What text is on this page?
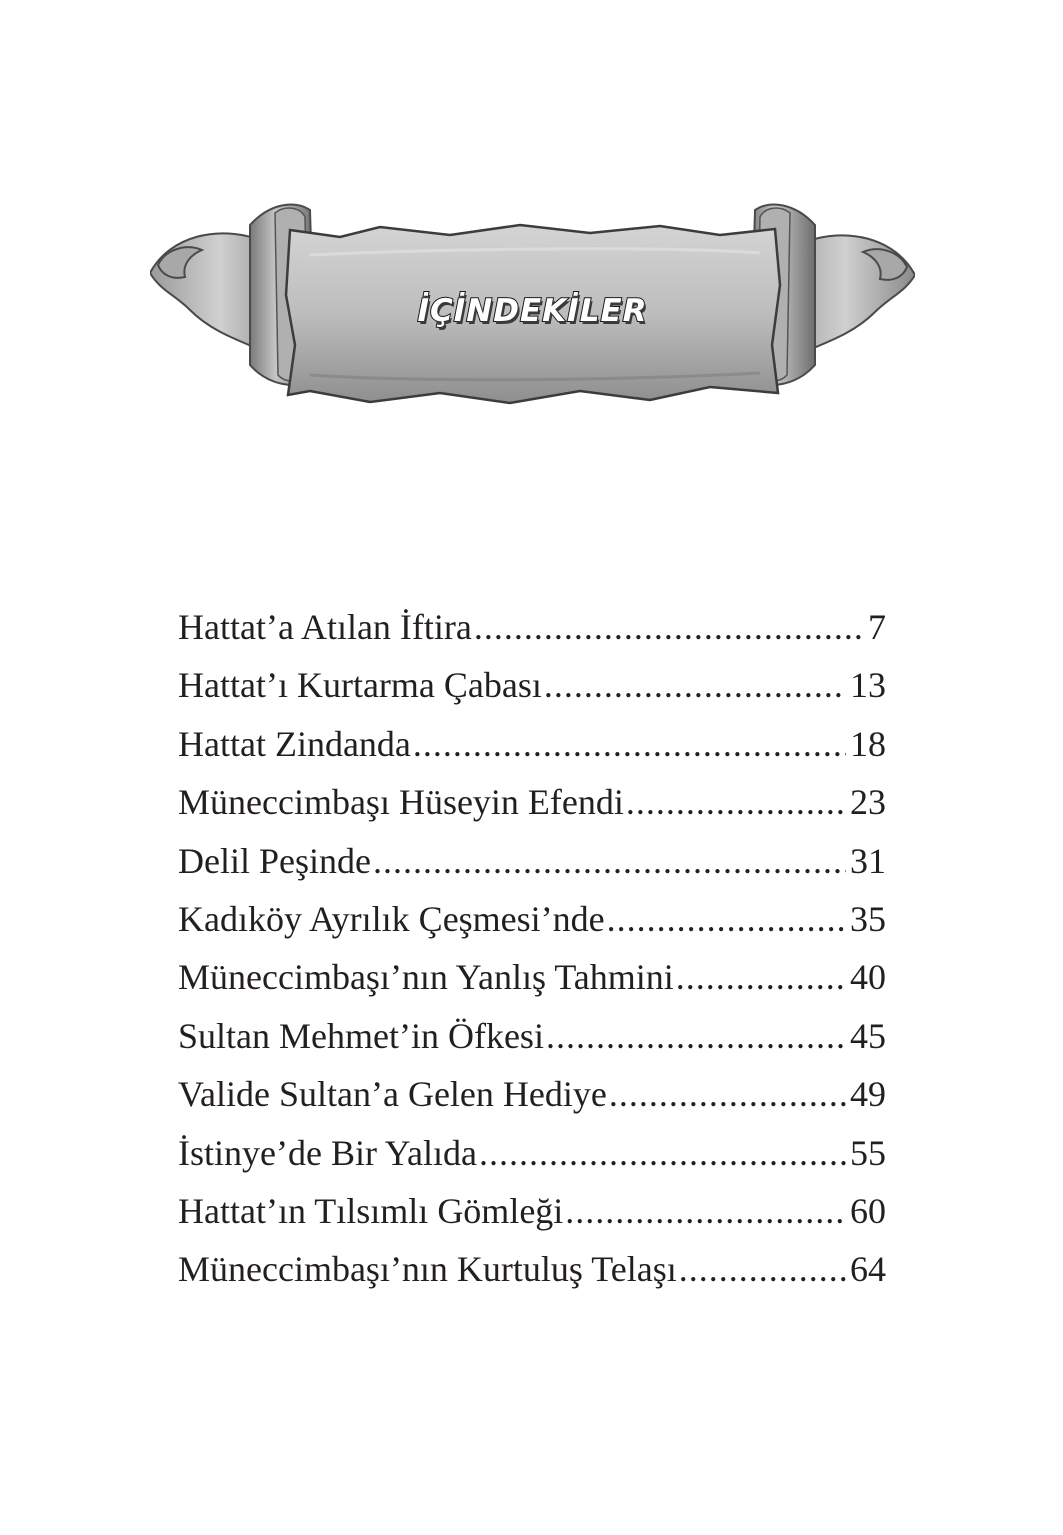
İÇİNDEKİLER
Hattat’a Atılan İftira .....	7
Hattat’ı Kurtarma Çabası .....	13
Hattat Zindanda .....	18
Müneccimbaşı Hüseyin Efendi .....	23
Delil Peşinde .....	31
Kadıköy Ayrılık Çeşmesi’nde .....	35
Müneccimbaşı’nın Yanlış Tahmini .....	40
Sultan Mehmet’in Öfkesi .....	45
Valide Sultan’a Gelen Hediye .....	49
İstinye’de Bir Yalıda .....	55
Hattat’ın Tılsımlı Gömleği .....	60
Müneccimbaşı’nın Kurtuluş Telaşı .....	64
